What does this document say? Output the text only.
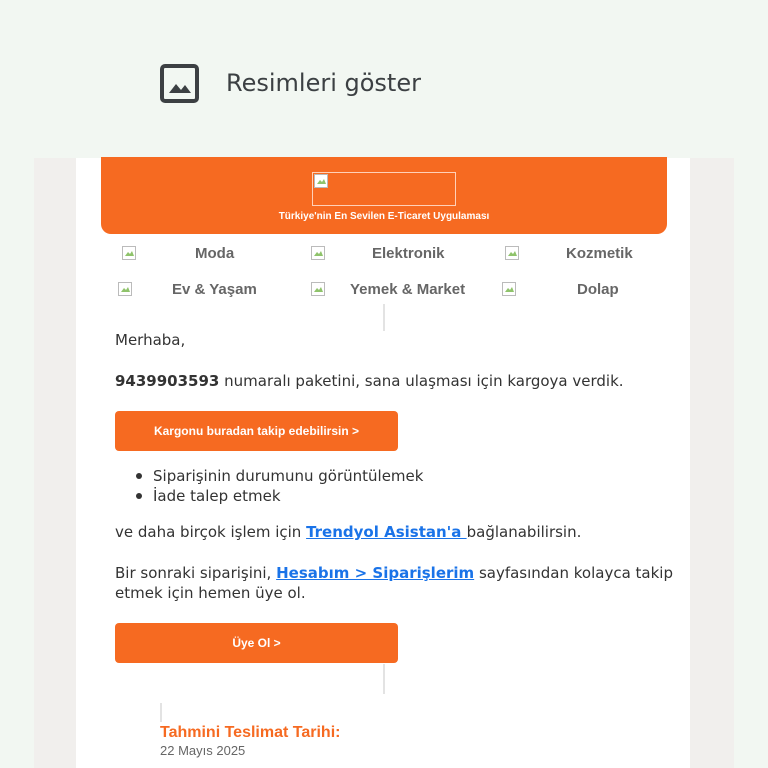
Resimleri göster
Türkiye'nin En Sevilen E-Ticaret Uygulaması
Moda	Elektronik	Kozmetik
Ev & Yaşam	Yemek & Market	Dolap
Merhaba,
9439903593 numaralı paketini, sana ulaşması için kargoya verdik.
Kargonu buradan takip edebilirsin >
Siparişinin durumunu görüntülemek
İade talep etmek
ve daha birçok işlem için Trendyol Asistan'a bağlanabilirsin.
Bir sonraki siparişini, Hesabım > Siparişlerim sayfasından kolayca takip
etmek için hemen üye ol.
Üye Ol >
Tahmini Teslimat Tarihi:
22 Mayıs 2025
